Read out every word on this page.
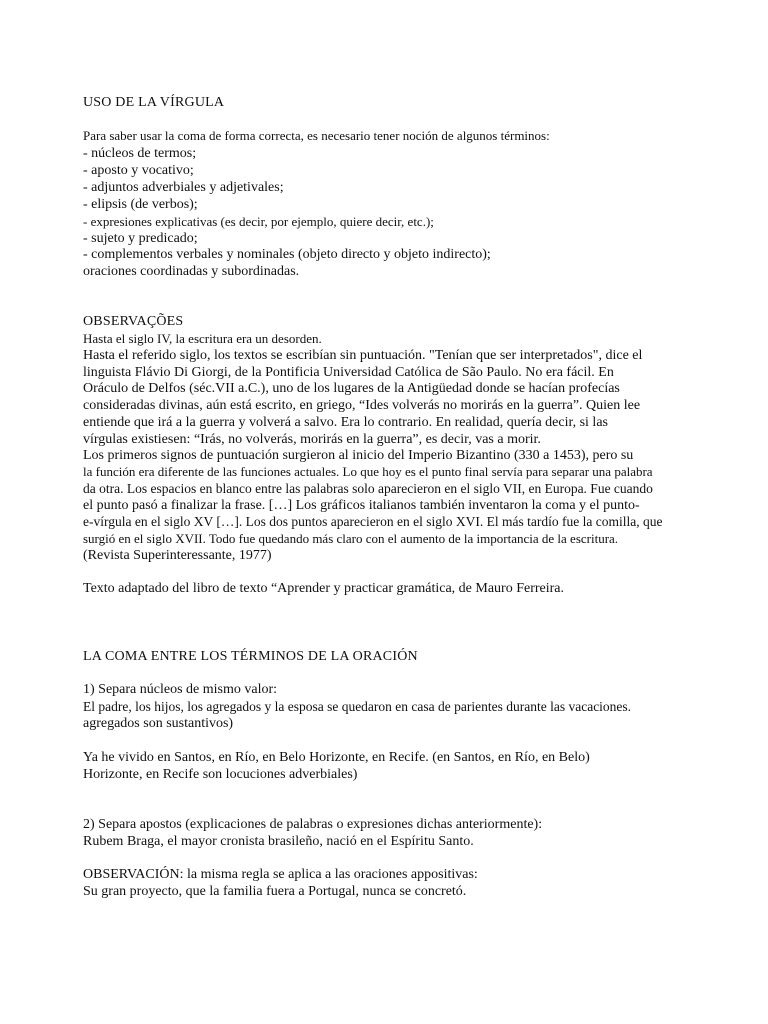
USO DE LA VÍRGULA
Para saber usar la coma de forma correcta, es necesario tener noción de algunos términos:
- núcleos de termos;
- aposto y vocativo;
- adjuntos adverbiales y adjetivales;
- elipsis (de verbos);
- expresiones explicativas (es decir, por ejemplo, quiere decir, etc.);
- sujeto y predicado;
- complementos verbales y nominales (objeto directo y objeto indirecto);
oraciones coordinadas y subordinadas.
OBSERVAÇÕES
Hasta el siglo IV, la escritura era un desorden.
Hasta el referido siglo, los textos se escribían sin puntuación. "Tenían que ser interpretados", dice el
linguista Flávio Di Giorgi, de la Pontificia Universidad Católica de São Paulo. No era fácil. En
Oráculo de Delfos (séc.VII a.C.), uno de los lugares de la Antigüedad donde se hacían profecías
consideradas divinas, aún está escrito, en griego, “Ides volverás no morirás en la guerra”. Quien lee
entiende que irá a la guerra y volverá a salvo. Era lo contrario. En realidad, quería decir, si las
vírgulas existiesen: “Irás, no volverás, morirás en la guerra”, es decir, vas a morir.
Los primeros signos de puntuación surgieron al inicio del Imperio Bizantino (330 a 1453), pero su
la función era diferente de las funciones actuales. Lo que hoy es el punto final servía para separar una palabra
da otra. Los espacios en blanco entre las palabras solo aparecieron en el siglo VII, en Europa. Fue cuando
el punto pasó a finalizar la frase. […] Los gráficos italianos también inventaron la coma y el punto-
e-vírgula en el siglo XV […]. Los dos puntos aparecieron en el siglo XVI. El más tardío fue la comilla, que
surgió en el siglo XVII. Todo fue quedando más claro con el aumento de la importancia de la escritura.
(Revista Superinteressante, 1977)
Texto adaptado del libro de texto “Aprender y practicar gramática, de Mauro Ferreira.
LA COMA ENTRE LOS TÉRMINOS DE LA ORACIÓN
1) Separa núcleos de mismo valor:
El padre, los hijos, los agregados y la esposa se quedaron en casa de parientes durante las vacaciones.
agregados son sustantivos)
Ya he vivido en Santos, en Río, en Belo Horizonte, en Recife. (en Santos, en Río, en Belo)
Horizonte, en Recife son locuciones adverbiales)
2) Separa apostos (explicaciones de palabras o expresiones dichas anteriormente):
Rubem Braga, el mayor cronista brasileño, nació en el Espíritu Santo.
OBSERVACIÓN: la misma regla se aplica a las oraciones appositivas:
Su gran proyecto, que la familia fuera a Portugal, nunca se concretó.
